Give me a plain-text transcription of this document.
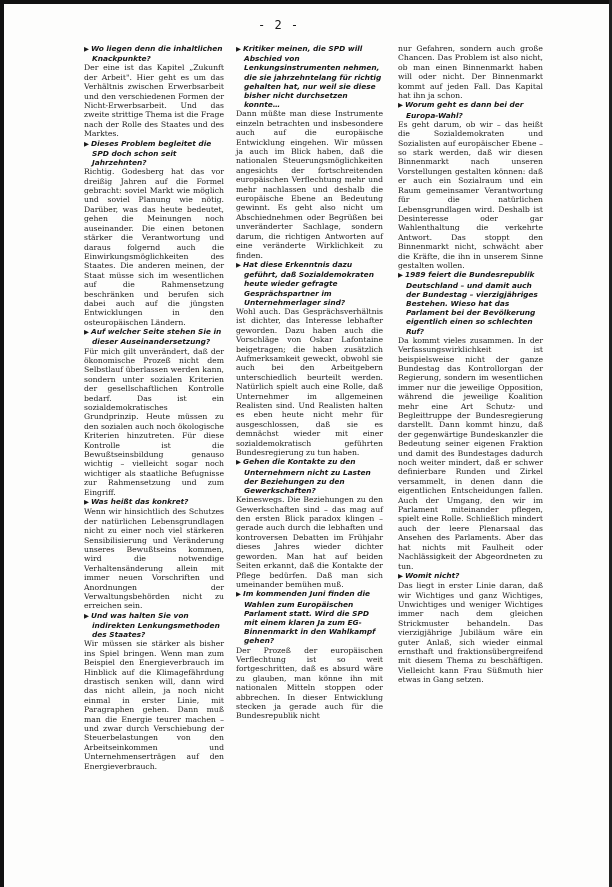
- 2 -

▶ Wo liegen denn die inhaltlichen Knackpunkte?

Der eine ist das Kapitel „Zukunft der Arbeit". Hier geht es um das Verhältnis zwischen Erwerbsarbeit und den verschiedenen Formen der Nicht-Erwerbsarbeit. Und das zweite strittige Thema ist die Frage nach der Rolle des Staates und des Marktes.

▶ Dieses Problem begleitet die SPD doch schon seit Jahrzehnten?

Richtig. Godesberg hat das vor dreißig Jahren auf die Formel gebracht: soviel Markt wie möglich und soviel Planung wie nötig. Darüber, was das heute bedeutet, gehen die Meinungen noch auseinander. Die einen betonen stärker die Verantwortung und daraus folgernd auch die Einwirkungsmöglichkeiten des Staates. Die anderen meinen, der Staat müsse sich im wesentlichen auf die Rahmensetzung beschränken und berufen sich dabei auch auf die jüngsten Entwicklungen in den osteuropäischen Ländern.

▶ Auf welcher Seite stehen Sie in dieser Auseinandersetzung?

Für mich gilt unverändert, daß der ökonomische Prozeß nicht dem Selbstlauf überlassen werden kann, sondern unter sozialen Kriterien der gesellschaftlichen Kontrolle bedarf. Das ist ein sozialdemokratisches Grundprinzip. Heute müssen zu den sozialen auch noch ökologische Kriterien hinzutreten. Für diese Kontrolle ist die Bewußtseinsbildung genauso wichtig – vielleicht sogar noch wichtiger als staatliche Befugnisse zur Rahmensetzung und zum Eingriff.

▶ Was heißt das konkret?

Wenn wir hinsichtlich des Schutzes der natürlichen Lebensgrundlagen nicht zu einer noch viel stärkeren Sensibilisierung und Veränderung unseres Bewußtseins kommen, wird die notwendige Verhaltensänderung allein mit immer neuen Vorschriften und Anordnungen der Verwaltungsbehörden nicht zu erreichen sein.

▶ Und was halten Sie von indirekten Lenkungsmethoden des Staates?

Wir müssen sie stärker als bisher ins Spiel bringen. Wenn man zum Beispiel den Energieverbrauch im Hinblick auf die Klimagefährdung drastisch senken will, dann wird das nicht allein, ja noch nicht einmal in erster Linie, mit Paragraphen gehen. Dann muß man die Energie teurer machen – und zwar durch Verschiebung der Steuerbelastungen von den Arbeitseinkommen und Unternehmenserträgen auf den Energieverbrauch.

▶ Kritiker meinen, die SPD will Abschied von Lenkungsinstrumenten nehmen, die sie jahrzehntelang für richtig gehalten hat, nur weil sie diese bisher nicht durchsetzen konnte…

Dann müßte man diese Instrumente einzeln betrachten und insbesondere auch auf die europäische Entwicklung eingehen. Wir müssen ja auch im Blick haben, daß die nationalen Steuerungsmöglichkeiten angesichts der fortschreitenden europäischen Verflechtung mehr und mehr nachlassen und deshalb die europäische Ebene an Bedeutung gewinnt. Es geht also nicht um Abschiednehmen oder Begrüßen bei unveränderter Sachlage, sondern darum, die richtigen Antworten auf eine veränderte Wirklichkeit zu finden.

▶ Hat diese Erkenntnis dazu geführt, daß Sozialdemokraten heute wieder gefragte Gesprächspartner im Unternehmerlager sind?

Wohl auch. Das Gesprächsverhältnis ist dichter, das Interesse lebhafter geworden. Dazu haben auch die Vorschläge von Oskar Lafontaine beigetragen; die haben zusätzlich Aufmerksamkeit geweckt, obwohl sie auch bei den Arbeitgebern unterschiedlich beurteilt werden. Natürlich spielt auch eine Rolle, daß Unternehmer im allgemeinen Realisten sind. Und Realisten halten es eben heute nicht mehr für ausgeschlossen, daß sie es demnächst wieder mit einer sozialdemokratisch geführten Bundesregierung zu tun haben.

▶ Gehen die Kontakte zu den Unternehmern nicht zu Lasten der Beziehungen zu den Gewerkschaften?

Keineswegs. Die Beziehungen zu den Gewerkschaften sind – das mag auf den ersten Blick paradox klingen – gerade auch durch die lebhaften und kontroversen Debatten im Frühjahr dieses Jahres wieder dichter geworden. Man hat auf beiden Seiten erkannt, daß die Kontakte der Pflege bedürfen. Daß man sich umeinander bemühen muß.

▶ Im kommenden Juni finden die Wahlen zum Europäischen Parlament statt. Wird die SPD mit einem klaren Ja zum EG-Binnenmarkt in den Wahlkampf gehen?

Der Prozeß der europäischen Verflechtung ist so weit fortgeschritten, daß es absurd wäre zu glauben, man könne ihn mit nationalen Mitteln stoppen oder abbrechen. In dieser Entwicklung stecken ja gerade auch für die Bundesrepublik nicht

nur Gefahren, sondern auch große Chancen. Das Problem ist also nicht, ob man einen Binnenmarkt haben will oder nicht. Der Binnenmarkt kommt auf jeden Fall. Das Kapital hat ihn ja schon.

▶ Worum geht es dann bei der Europa-Wahl?

Es geht darum, ob wir – das heißt die Sozialdemokraten und Sozialisten auf europäischer Ebene – so stark werden, daß wir diesen Binnenmarkt nach unseren Vorstellungen gestalten können: daß er auch ein Sozialraum und ein Raum gemeinsamer Verantwortung für die natürlichen Lebensgrundlagen wird. Deshalb ist Desinteresse oder gar Wahlenthaltung die verkehrte Antwort. Das stoppt den Binnenmarkt nicht, schwächt aber die Kräfte, die ihn in unserem Sinne gestalten wollen.

▶ 1989 feiert die Bundesrepublik Deutschland – und damit auch der Bundestag – vierzigjähriges Bestehen. Wieso hat das Parlament bei der Bevölkerung eigentlich einen so schlechten Ruf?

Da kommt vieles zusammen. In der Verfassungswirklichkeit ist beispielsweise nicht der ganze Bundestag das Kontrollorgan der Regierung, sondern im wesentlichen immer nur die jeweilige Opposition, während die jeweilige Koalition mehr eine Art Schutz- und Begleittruppe der Bundesregierung darstellt. Dann kommt hinzu, daß der gegenwärtige Bundeskanzler die Bedeutung seiner eigenen Fraktion und damit des Bundestages dadurch noch weiter mindert, daß er schwer definierbare Runden und Zirkel versammelt, in denen dann die eigentlichen Entscheidungen fallen. Auch der Umgang, den wir im Parlament miteinander pflegen, spielt eine Rolle. Schließlich mindert auch der leere Plenarsaal das Ansehen des Parlaments. Aber das hat nichts mit Faulheit oder Nachlässigkeit der Abgeordneten zu tun.

▶ Womit nicht?

Das liegt in erster Linie daran, daß wir Wichtiges und ganz Wichtiges, Unwichtiges und weniger Wichtiges immer nach dem gleichen Strickmuster behandeln. Das vierzigjährige Jubiläum wäre ein guter Anlaß, sich wieder einmal ernsthaft und fraktionsübergreifend mit diesem Thema zu beschäftigen. Vielleicht kann Frau Süßmuth hier etwas in Gang setzen.
